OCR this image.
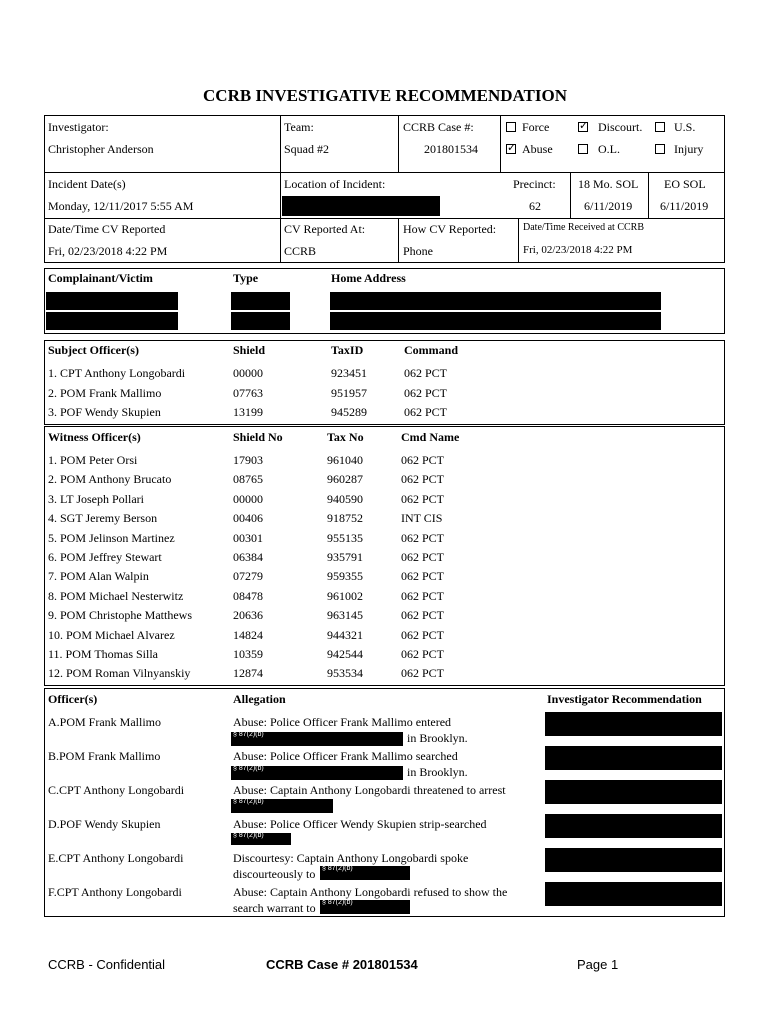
CCRB INVESTIGATIVE RECOMMENDATION
Investigator:
Christopher Anderson
Team:
Squad #2
CCRB Case #:
201801534
Force
✓	Discourt.	U.S.
✓
Abuse	O.L.	Injury
Incident Date(s)
Monday, 12/11/2017 5:55 AM
Location of Incident:	Precinct:
62
18 Mo. SOL
6/11/2019
EO SOL
6/11/2019
Date/Time CV Reported
Fri, 02/23/2018 4:22 PM
CV Reported At:
CCRB
How CV Reported:
Phone
Date/Time Received at CCRB
Fri, 02/23/2018 4:22 PM
Complainant/Victim	Type	Home Address
Subject Officer(s)	Shield	TaxID	Command
1. CPT Anthony Longobardi	00000	923451	062 PCT
2. POM Frank Mallimo	07763	951957	062 PCT
3. POF Wendy Skupien	13199	945289	062 PCT
Witness Officer(s)	Shield No	Tax No	Cmd Name
1. POM Peter Orsi	17903	961040	062 PCT
2. POM Anthony Brucato	08765	960287	062 PCT
3. LT Joseph Pollari	00000	940590	062 PCT
4. SGT Jeremy Berson	00406	918752	INT CIS
5. POM Jelinson Martinez	00301	955135	062 PCT
6. POM Jeffrey Stewart	06384	935791	062 PCT
7. POM Alan Walpin	07279	959355	062 PCT
8. POM Michael Nesterwitz	08478	961002	062 PCT
9. POM Christophe Matthews	20636	963145	062 PCT
10. POM Michael Alvarez	14824	944321	062 PCT
11. POM Thomas Silla	10359	942544	062 PCT
12. POM Roman Vilnyanskiy	12874	953534	062 PCT
Officer(s)	Allegation	Investigator Recommendation
A.POM Frank Mallimo	Abuse: Police Officer Frank Mallimo entered
§ 87(2)(b)	in Brooklyn.
B.POM Frank Mallimo	Abuse: Police Officer Frank Mallimo searched
§ 87(2)(b)	in Brooklyn.
C.CPT Anthony Longobardi	Abuse: Captain Anthony Longobardi threatened to arrest
§ 87(2)(b)
D.POF Wendy Skupien	Abuse: Police Officer Wendy Skupien strip-searched
§ 87(2)(b)
E.CPT Anthony Longobardi	Discourtesy: Captain Anthony Longobardi spoke
§ 87(2)(b)
discourteously to
F.CPT Anthony Longobardi	Abuse: Captain Anthony Longobardi refused to show the
§ 87(2)(b)
search warrant to
CCRB - Confidential	CCRB Case # 201801534	Page 1
